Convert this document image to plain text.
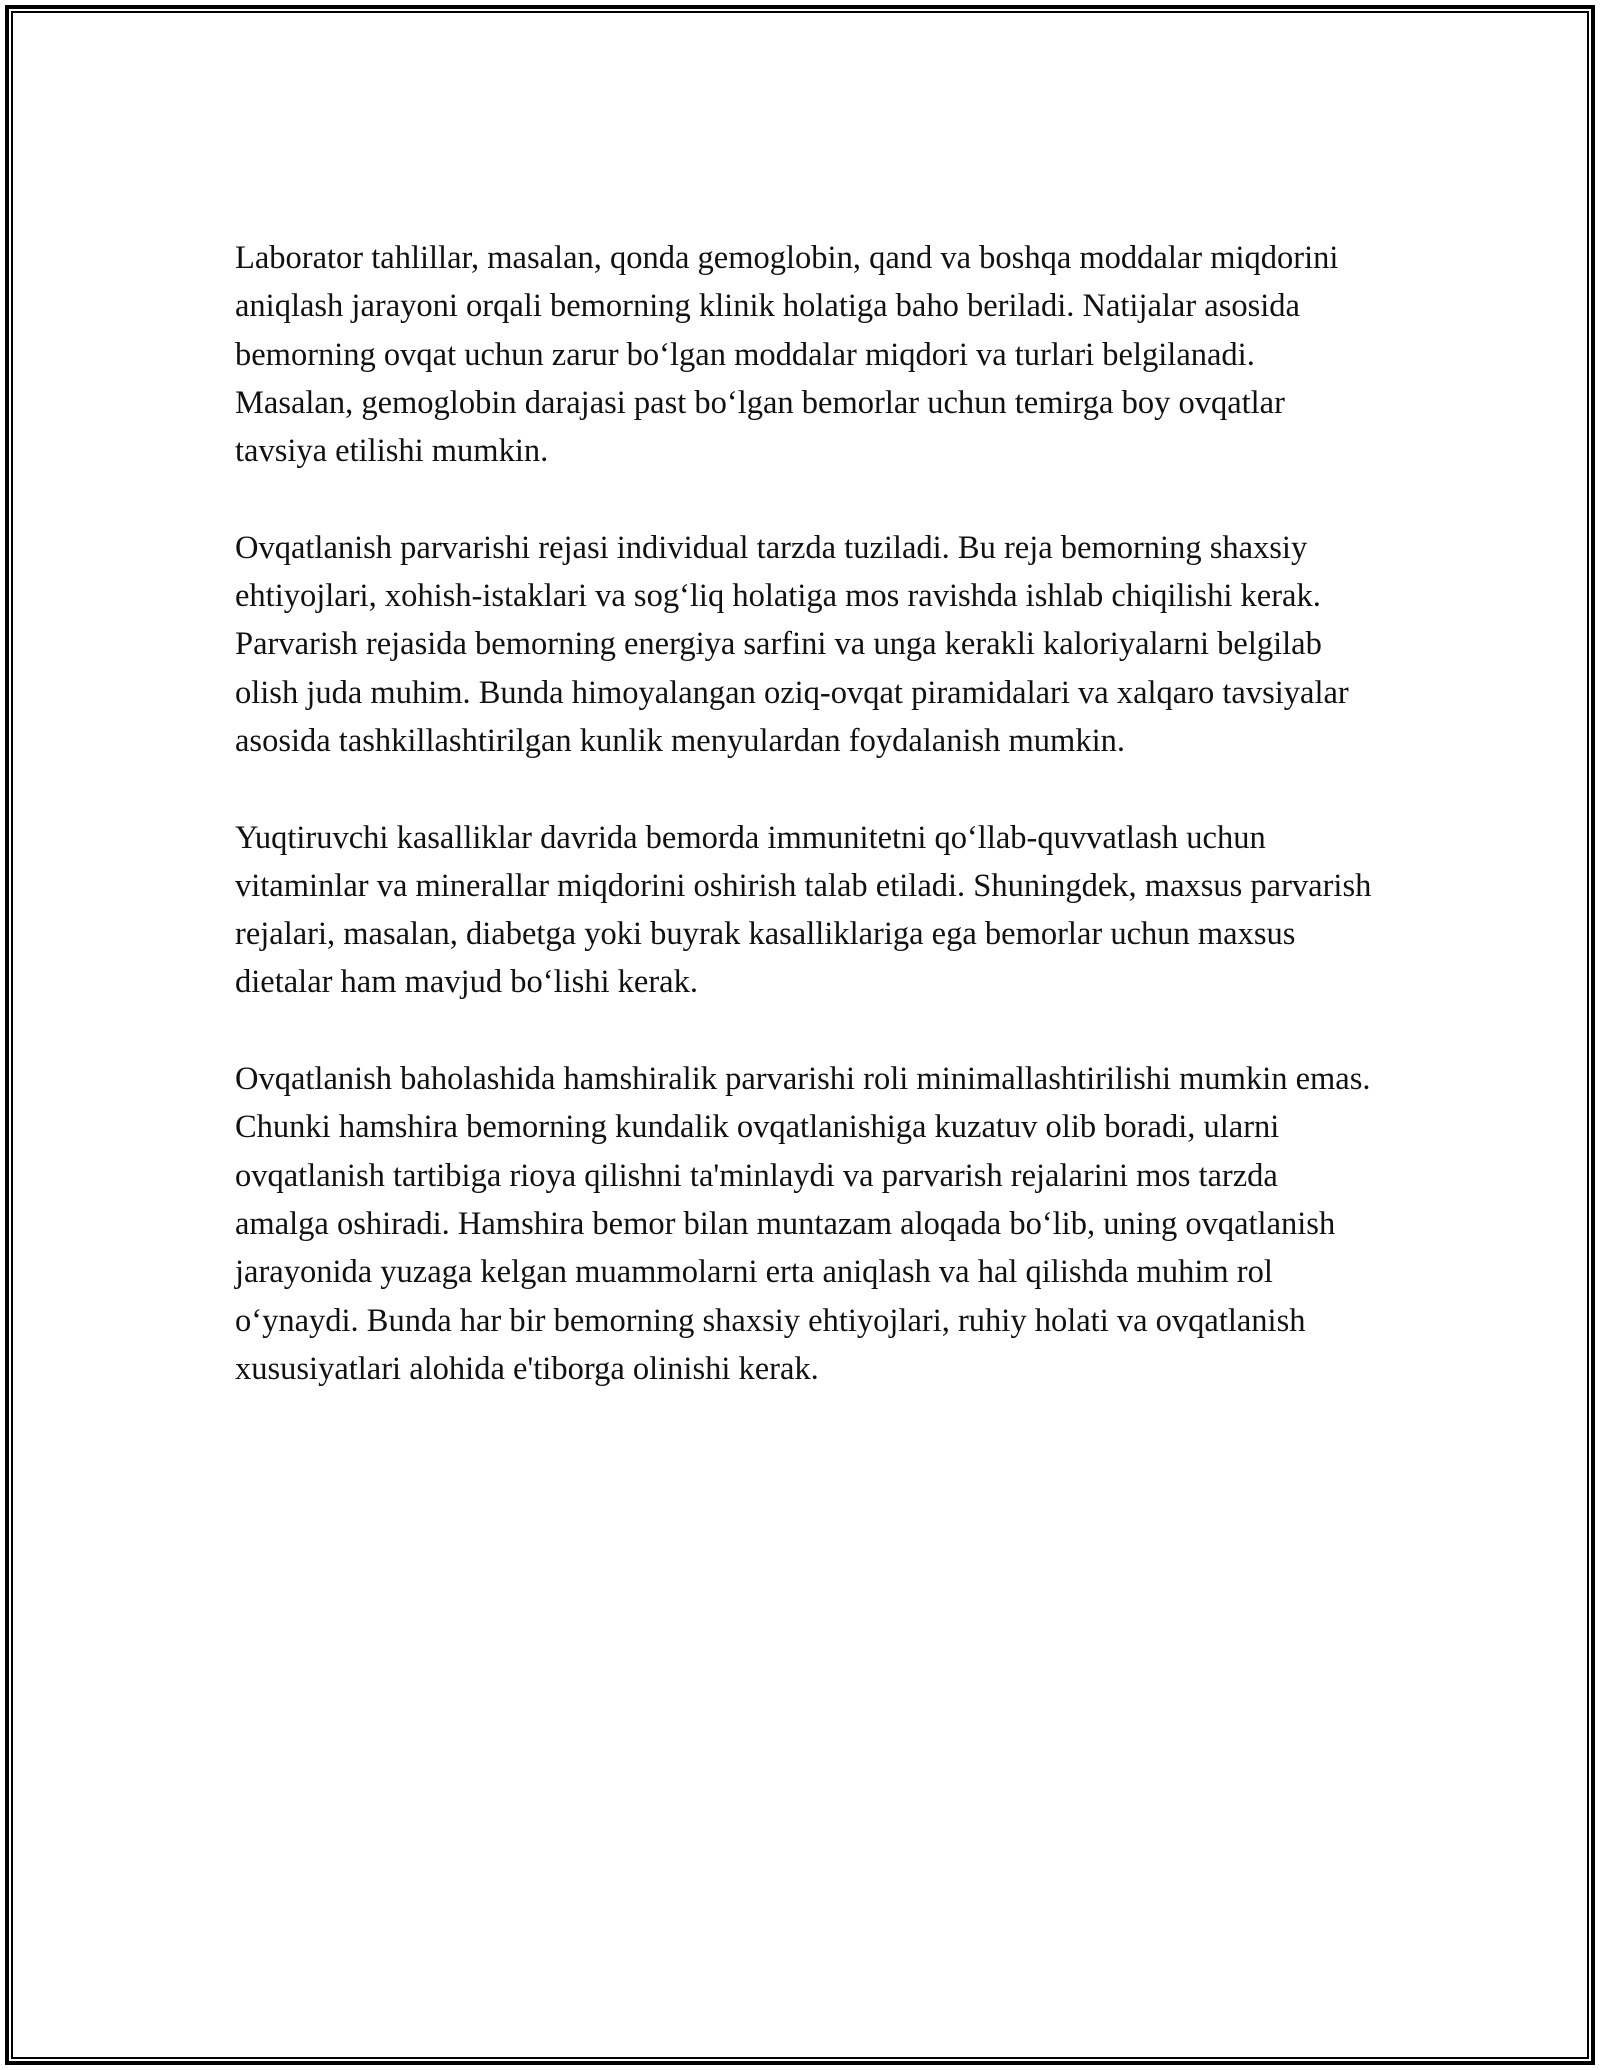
Laborator tahlillar, masalan, qonda gemoglobin, qand va boshqa moddalar miqdorini aniqlash jarayoni orqali bemorning klinik holatiga baho beriladi. Natijalar asosida bemorning ovqat uchun zarur bo‘lgan moddalar miqdori va turlari belgilanadi. Masalan, gemoglobin darajasi past bo‘lgan bemorlar uchun temirga boy ovqatlar tavsiya etilishi mumkin.

Ovqatlanish parvarishi rejasi individual tarzda tuziladi. Bu reja bemorning shaxsiy ehtiyojlari, xohish-istaklari va sog‘liq holatiga mos ravishda ishlab chiqilishi kerak. Parvarish rejasida bemorning energiya sarfini va unga kerakli kaloriyalarni belgilab olish juda muhim. Bunda himoyalangan oziq-ovqat piramidalari va xalqaro tavsiyalar asosida tashkillashtirilgan kunlik menyulardan foydalanish mumkin.

Yuqtiruvchi kasalliklar davrida bemorda immunitetni qo‘llab-quvvatlash uchun vitaminlar va minerallar miqdorini oshirish talab etiladi. Shuningdek, maxsus parvarish rejalari, masalan, diabetga yoki buyrak kasalliklariga ega bemorlar uchun maxsus dietalar ham mavjud bo‘lishi kerak.

Ovqatlanish baholashida hamshiralik parvarishi roli minimallashtirilishi mumkin emas. Chunki hamshira bemorning kundalik ovqatlanishiga kuzatuv olib boradi, ularni ovqatlanish tartibiga rioya qilishni ta'minlaydi va parvarish rejalarini mos tarzda amalga oshiradi. Hamshira bemor bilan muntazam aloqada bo‘lib, uning ovqatlanish jarayonida yuzaga kelgan muammolarni erta aniqlash va hal qilishda muhim rol o‘ynaydi. Bunda har bir bemorning shaxsiy ehtiyojlari, ruhiy holati va ovqatlanish xususiyatlari alohida e'tiborga olinishi kerak.
